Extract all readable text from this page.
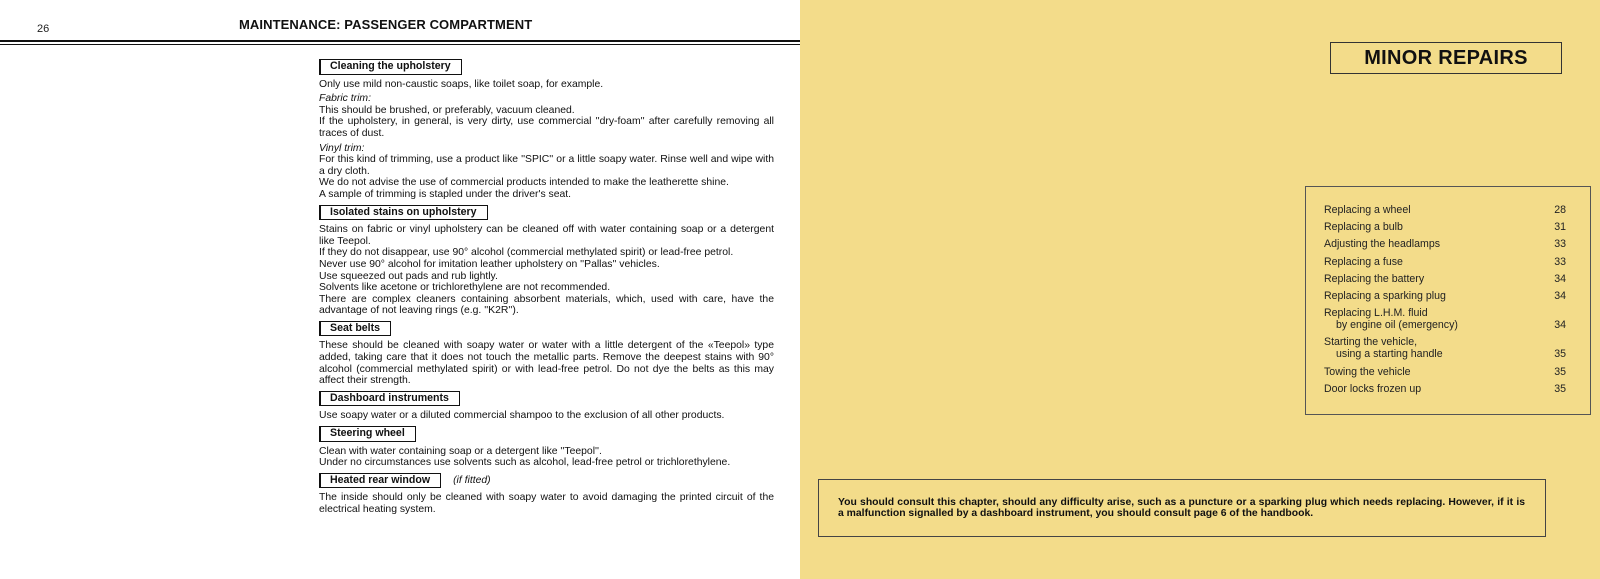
26	MAINTENANCE: PASSENGER COMPARTMENT
Cleaning the upholstery

Only use mild non-caustic soaps, like toilet soap, for example.

Fabric trim:

This should be brushed, or preferably, vacuum cleaned.

If the upholstery, in general, is very dirty, use commercial ''dry-foam'' after carefully removing all traces of dust.

Vinyl trim:

For this kind of trimming, use a product like ''SPIC'' or a little soapy water. Rinse well and wipe with a dry cloth.

We do not advise the use of commercial products intended to make the leatherette shine.

A sample of trimming is stapled under the driver's seat.

Isolated stains on upholstery

Stains on fabric or vinyl upholstery can be cleaned off with water containing soap or a detergent like Teepol.

If they do not disappear, use 90° alcohol (commercial methylated spirit) or lead-free petrol.

Never use 90° alcohol for imitation leather upholstery on ''Pallas'' vehicles.

Use squeezed out pads and rub lightly.

Solvents like acetone or trichlorethylene are not recommended.

There are complex cleaners containing absorbent materials, which, used with care, have the advantage of not leaving rings (e.g. ''K2R'').

Seat belts

These should be cleaned with soapy water or water with a little detergent of the «Teepol» type added, taking care that it does not touch the metallic parts. Remove the deepest stains with 90° alcohol (commercial methylated spirit) or with lead-free petrol. Do not dye the belts as this may affect their strength.

Dashboard instruments

Use soapy water or a diluted commercial shampoo to the exclusion of all other products.

Steering wheel

Clean with water containing soap or a detergent like ''Teepol''.

Under no circumstances use solvents such as alcohol, lead-free petrol or trichlorethylene.

Heated rear window	(if fitted)

The inside should only be cleaned with soapy water to avoid damaging the printed circuit of the electrical heating system.

MINOR REPAIRS
Replacing a wheel	28
Replacing a bulb	31
Adjusting the headlamps	33
Replacing a fuse	33
Replacing the battery	34
Replacing a sparking plug	34
Replacing L.H.M. fluid
by engine oil (emergency)	34
Starting the vehicle,
using a starting handle	35
Towing the vehicle	35
Door locks frozen up	35

You should consult this chapter, should any difficulty arise, such as a puncture or a sparking plug which needs replacing. However, if it is a malfunction signalled by a dashboard instrument, you should consult page 6 of the handbook.
